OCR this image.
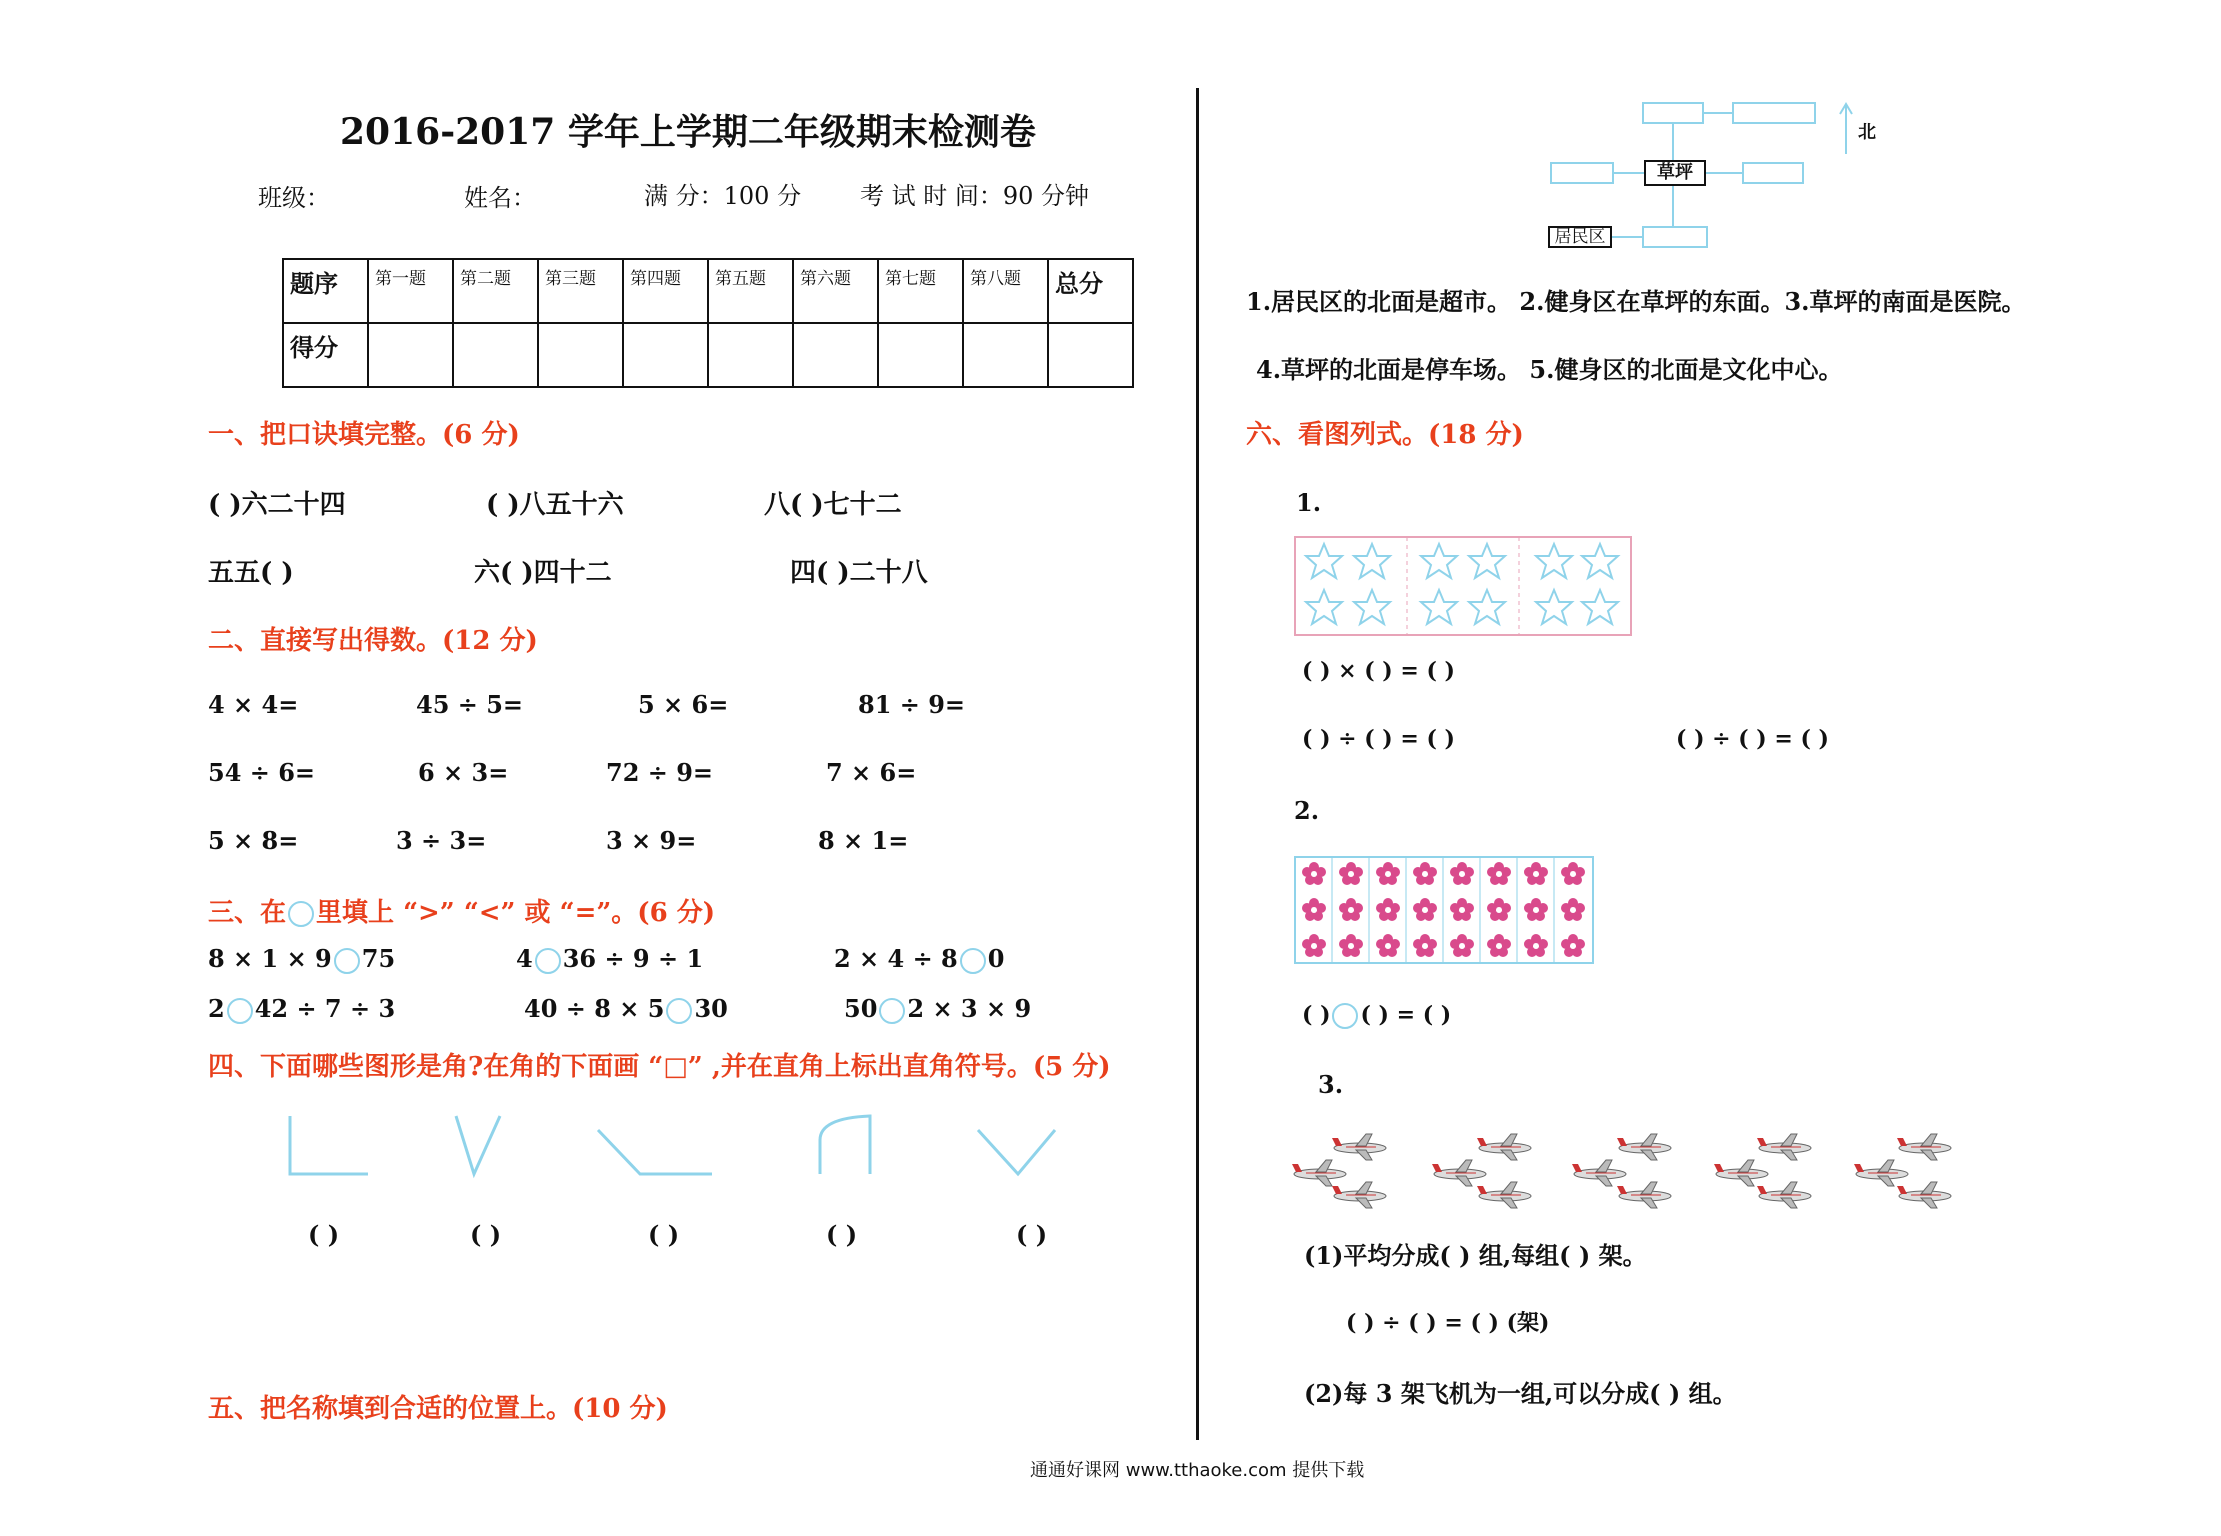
2016-2017 学年上学期二年级期末检测卷
班级：	姓名：	满 分：100 分 考 试 时 间：90 分钟
题序	第一题	第二题	第三题	第四题	第五题	第六题	第七题	第八题	总分
得分									
一、把口诀填完整。(6 分)
( )六二十四	( )八五十六	八( )七十二
五五( )	六( )四十二	四( )二十八
二、直接写出得数。(12 分)
4 × 4=	45 ÷ 5=	5 × 6=	81 ÷ 9=
54 ÷ 6=	6 × 3=	72 ÷ 9=	7 × 6=
5 × 8=	3 ÷ 3=	3 × 9=	8 × 1=
三、在 里填上 “>” “<” 或 “=”。(6 分)
8 × 1 × 9 75	4 36 ÷ 9 ÷ 1	2 × 4 ÷ 8 0
2 42 ÷ 7 ÷ 3	40 ÷ 8 × 5 30	50 2 × 3 × 9
四、下面哪些图形是角?在角的下面画 “□” ,并在直角上标出直角符号。(5 分)
( )	( )	( )	( )	( )
五、把名称填到合适的位置上。(10 分)
草坪
居民区
北
1.居民区的北面是超市。 2.健身区在草坪的东面。3.草坪的南面是医院。
4.草坪的北面是停车场。 5.健身区的北面是文化中心。
六、看图列式。(18 分)
1.
( ) × ( ) = ( )
( ) ÷ ( ) = ( )	( ) ÷ ( ) = ( )
2.
( ) ( ) = ( )
3.
(1)平均分成( ) 组,每组( ) 架。
( ) ÷ ( ) = ( ) (架)
(2)每 3 架飞机为一组,可以分成( ) 组。
通通好课网 www.tthaoke.com 提供下载
